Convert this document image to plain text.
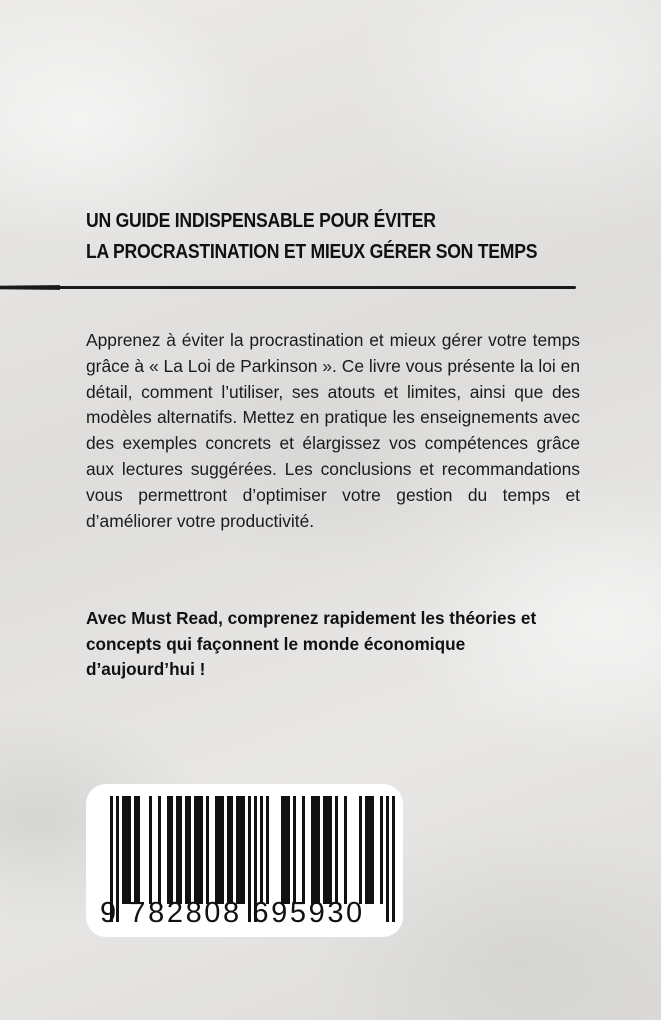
UN GUIDE INDISPENSABLE POUR ÉVITER
LA PROCRASTINATION ET MIEUX GÉRER SON TEMPS
Apprenez à éviter la procrastination et mieux gérer votre temps grâce à « La Loi de Parkinson ». Ce livre vous présente la loi en détail, comment l’utiliser, ses atouts et limites, ainsi que des modèles alternatifs. Mettez en pratique les enseignements avec des exemples concrets et élargissez vos compétences grâce aux lectures suggérées. Les conclusions et recommandations vous permettront d’optimiser votre gestion du temps et d’améliorer votre productivité.
Avec Must Read, comprenez rapidement les théories et concepts qui façonnent le monde économique d’aujourd’hui !
9 782808 695930
